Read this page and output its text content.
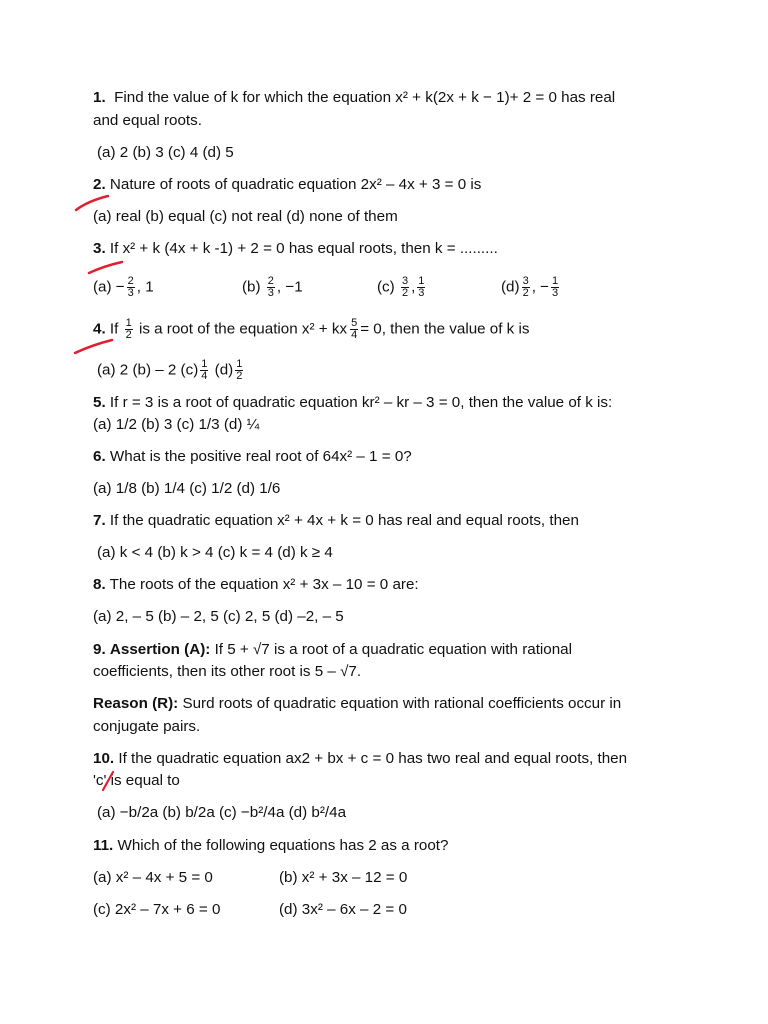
1. Find the value of k for which the equation x² + k(2x + k − 1)+ 2 = 0 has real
and equal roots.
(a) 2 (b) 3 (c) 4 (d) 5
2. Nature of roots of quadratic equation 2x² – 4x + 3 = 0 is
(a) real (b) equal (c) not real (d) none of them
3. If x² + k (4x + k -1) + 2 = 0 has equal roots, then k = .........
$(a) - \frac{2}{3}$ , 1	$(b) \frac{2}{3}$ , −1	$(c) \frac{3}{2}$ , $\frac{1}{3}$	$(d) \frac{3}{2}$ , − $\frac{1}{3}$
4. If $\frac{1}{2}$ is a root of the equation x² + kx $\frac{5}{4} = 0$, then the value of k is
(a) 2 (b) – 2 $(c) \frac{1}{4} (d) \frac{1}{2}$
5. If r = 3 is a root of quadratic equation kr² – kr – 3 = 0, then the value of k is:
(a) 1/2 (b) 3 (c) 1/3 (d) ¼
6. What is the positive real root of 64x² – 1 = 0?
(a) 1/8 (b) 1/4 (c) 1/2 (d) 1/6
7. If the quadratic equation x² + 4x + k = 0 has real and equal roots, then
(a) k < 4 (b) k > 4 (c) k = 4 (d) k ≥ 4
8. The roots of the equation x² + 3x – 10 = 0 are:
(a) 2, – 5 (b) – 2, 5 (c) 2, 5 (d) –2, – 5
9. Assertion (A): If 5 + √7 is a root of a quadratic equation with rational
coefficients, then its other root is 5 – √7.
Reason (R): Surd roots of quadratic equation with rational coefficients occur in
conjugate pairs.
10. If the quadratic equation ax2 + bx + c = 0 has two real and equal roots, then
'c' is equal to
(a) −b/2a (b) b/2a (c) −b²/4a (d) b²/4a
11. Which of the following equations has 2 as a root?
(a) x² – 4x + 5 = 0	(b) x² + 3x – 12 = 0
(c) 2x² – 7x + 6 = 0	(d) 3x² – 6x – 2 = 0
